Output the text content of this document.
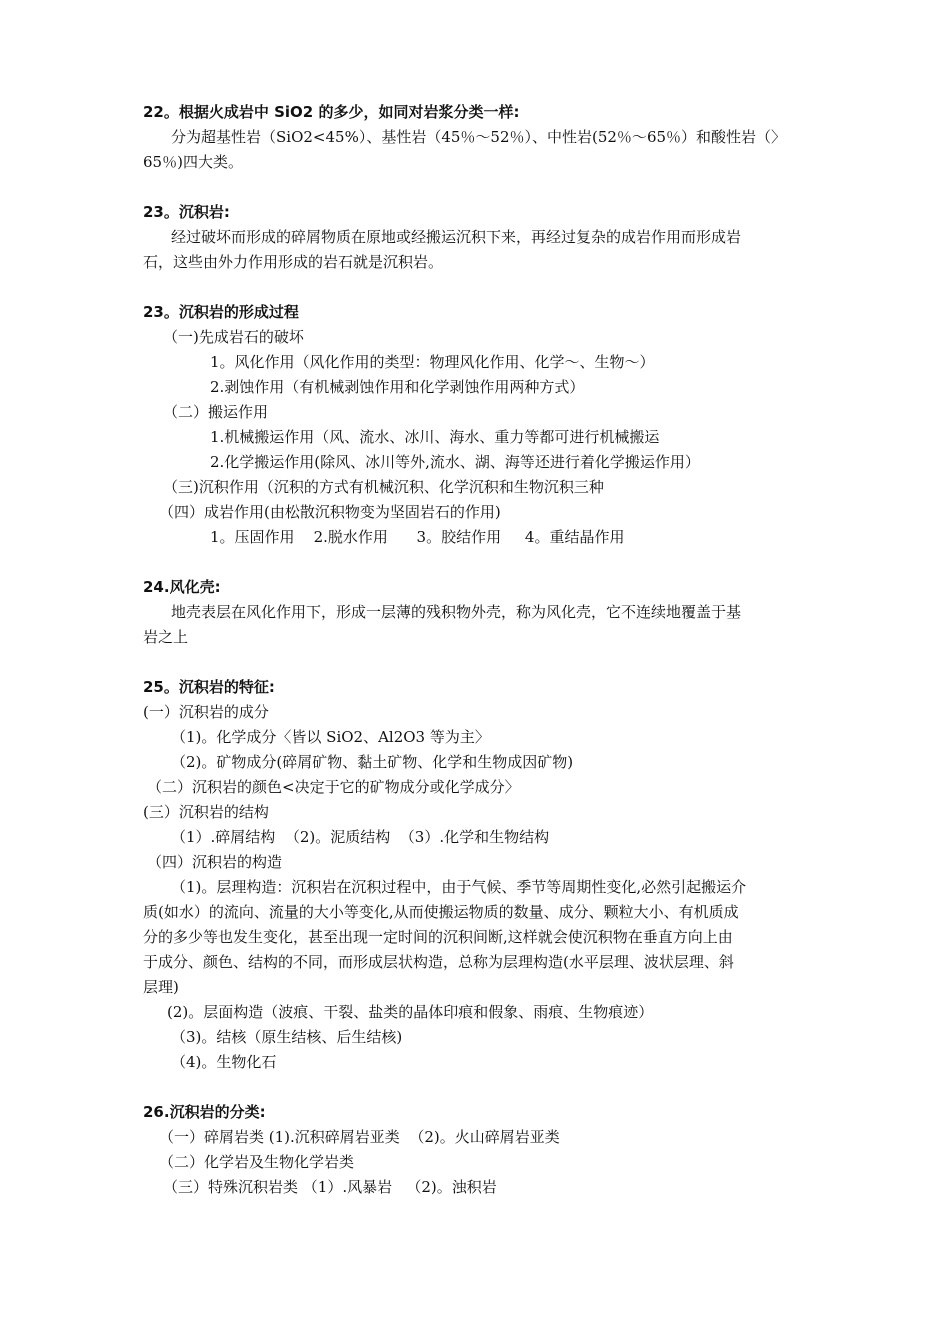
22。根据火成岩中 SiO2 的多少，如同对岩浆分类一样:
分为超基性岩（SiO2<45%）、基性岩（45％～52％）、中性岩(52％～65％）和酸性岩（〉
65％)四大类。
23。沉积岩:
经过破坏而形成的碎屑物质在原地或经搬运沉积下来，再经过复杂的成岩作用而形成岩
石，这些由外力作用形成的岩石就是沉积岩。
23。沉积岩的形成过程
（一)先成岩石的破坏
1。风化作用（风化作用的类型：物理风化作用、化学～、生物～）
2.剥蚀作用（有机械剥蚀作用和化学剥蚀作用两种方式）
（二）搬运作用
1.机械搬运作用（风、流水、冰川、海水、重力等都可进行机械搬运
2.化学搬运作用(除风、冰川等外,流水、湖、海等还进行着化学搬运作用）
（三)沉积作用（沉积的方式有机械沉积、化学沉积和生物沉积三种
（四）成岩作用(由松散沉积物变为坚固岩石的作用)
1。压固作用    2.脱水作用      3。胶结作用     4。重结晶作用
24.风化壳:
地壳表层在风化作用下，形成一层薄的残积物外壳，称为风化壳，它不连续地覆盖于基
岩之上
25。沉积岩的特征:
(一）沉积岩的成分
（1)。化学成分〈皆以 SiO2、Al2O3 等为主〉
（2)。矿物成分(碎屑矿物、黏土矿物、化学和生物成因矿物)
（二）沉积岩的颜色<决定于它的矿物成分或化学成分〉
(三）沉积岩的结构
（1）.碎屑结构  （2)。泥质结构  （3）.化学和生物结构
（四）沉积岩的构造
（1)。层理构造：沉积岩在沉积过程中，由于气候、季节等周期性变化,必然引起搬运介
质(如水）的流向、流量的大小等变化,从而使搬运物质的数量、成分、颗粒大小、有机质成
分的多少等也发生变化，甚至出现一定时间的沉积间断,这样就会使沉积物在垂直方向上由
于成分、颜色、结构的不同，而形成层状构造，总称为层理构造(水平层理、波状层理、斜
层理)
(2)。层面构造（波痕、干裂、盐类的晶体印痕和假象、雨痕、生物痕迹）
（3)。结核（原生结核、后生结核)
（4)。生物化石
26.沉积岩的分类:
（一）碎屑岩类 (1).沉积碎屑岩亚类  （2)。火山碎屑岩亚类
（二）化学岩及生物化学岩类
（三）特殊沉积岩类 （1）.风暴岩   （2)。浊积岩
